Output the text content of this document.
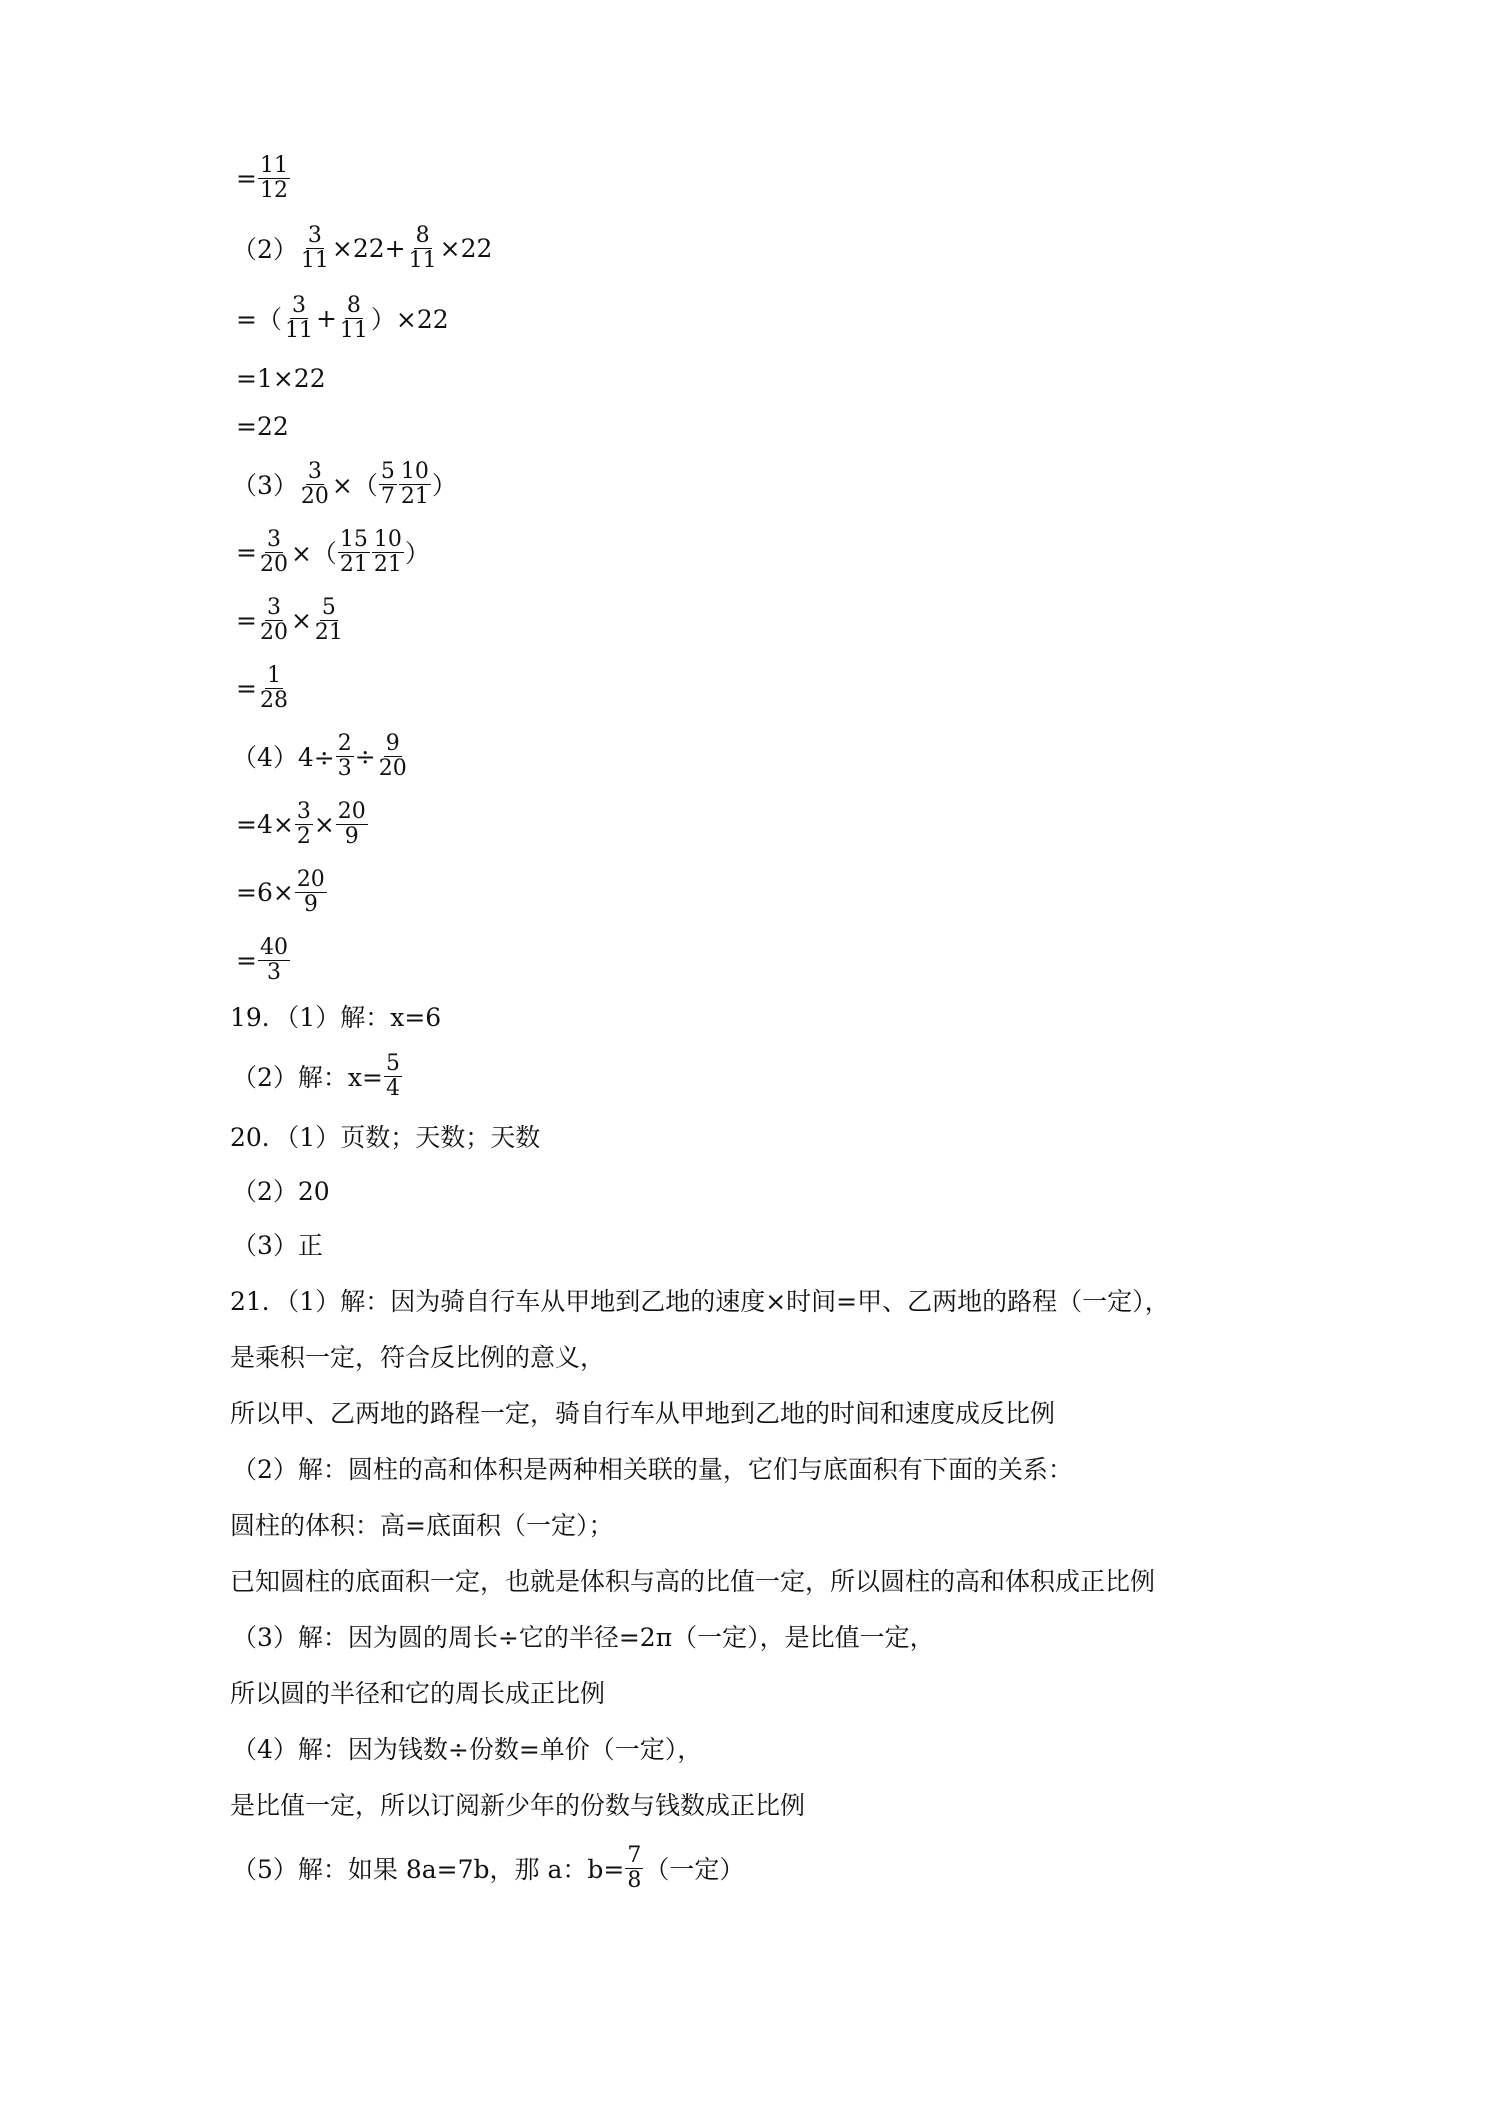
= $\frac{11}{12}$
$(2) \frac{3}{11} \times 22+ \frac{8}{11} \times 22$
=（ $\frac{3}{11} + \frac{8}{11} )\times 22$
=1×22
=22
$(3) \frac{3}{20}$ ×（ $\frac{5}{7} \frac{10}{21}$ ）
= $\frac{3}{20}$ ×（ $\frac{15}{21} \frac{10}{21}$ ）
= $\frac{3}{20} \times \frac{5}{21}$
= $\frac{1}{28}$
$(4)4\div \frac{2}{3} \div \frac{9}{20}$
$=4\times \frac{3}{2} \times \frac{20}{9}$
$=6\times \frac{20}{9}$
= $\frac{40}{3}$
19．（1）解：x=6
（2）解：$x= \frac{5}{4}$
20．（1）页数；天数；天数
（2）20
（3）正
21．（1）解：因为骑自行车从甲地到乙地的速度×时间=甲、乙两地的路程（一定），
是乘积一定，符合反比例的意义，
所以甲、乙两地的路程一定，骑自行车从甲地到乙地的时间和速度成反比例
（2）解：圆柱的高和体积是两种相关联的量，它们与底面积有下面的关系：
圆柱的体积：高=底面积（一定）；
已知圆柱的底面积一定，也就是体积与高的比值一定，所以圆柱的高和体积成正比例
（3）解：因为圆的周长÷它的半径=2π（一定），是比值一定，
所以圆的半径和它的周长成正比例
（4）解：因为钱数÷份数=单价（一定），
是比值一定，所以订阅新少年的份数与钱数成正比例
（5）解：如果 8a=7b，那 a：$b= \frac{7}{8}$ （一定）
